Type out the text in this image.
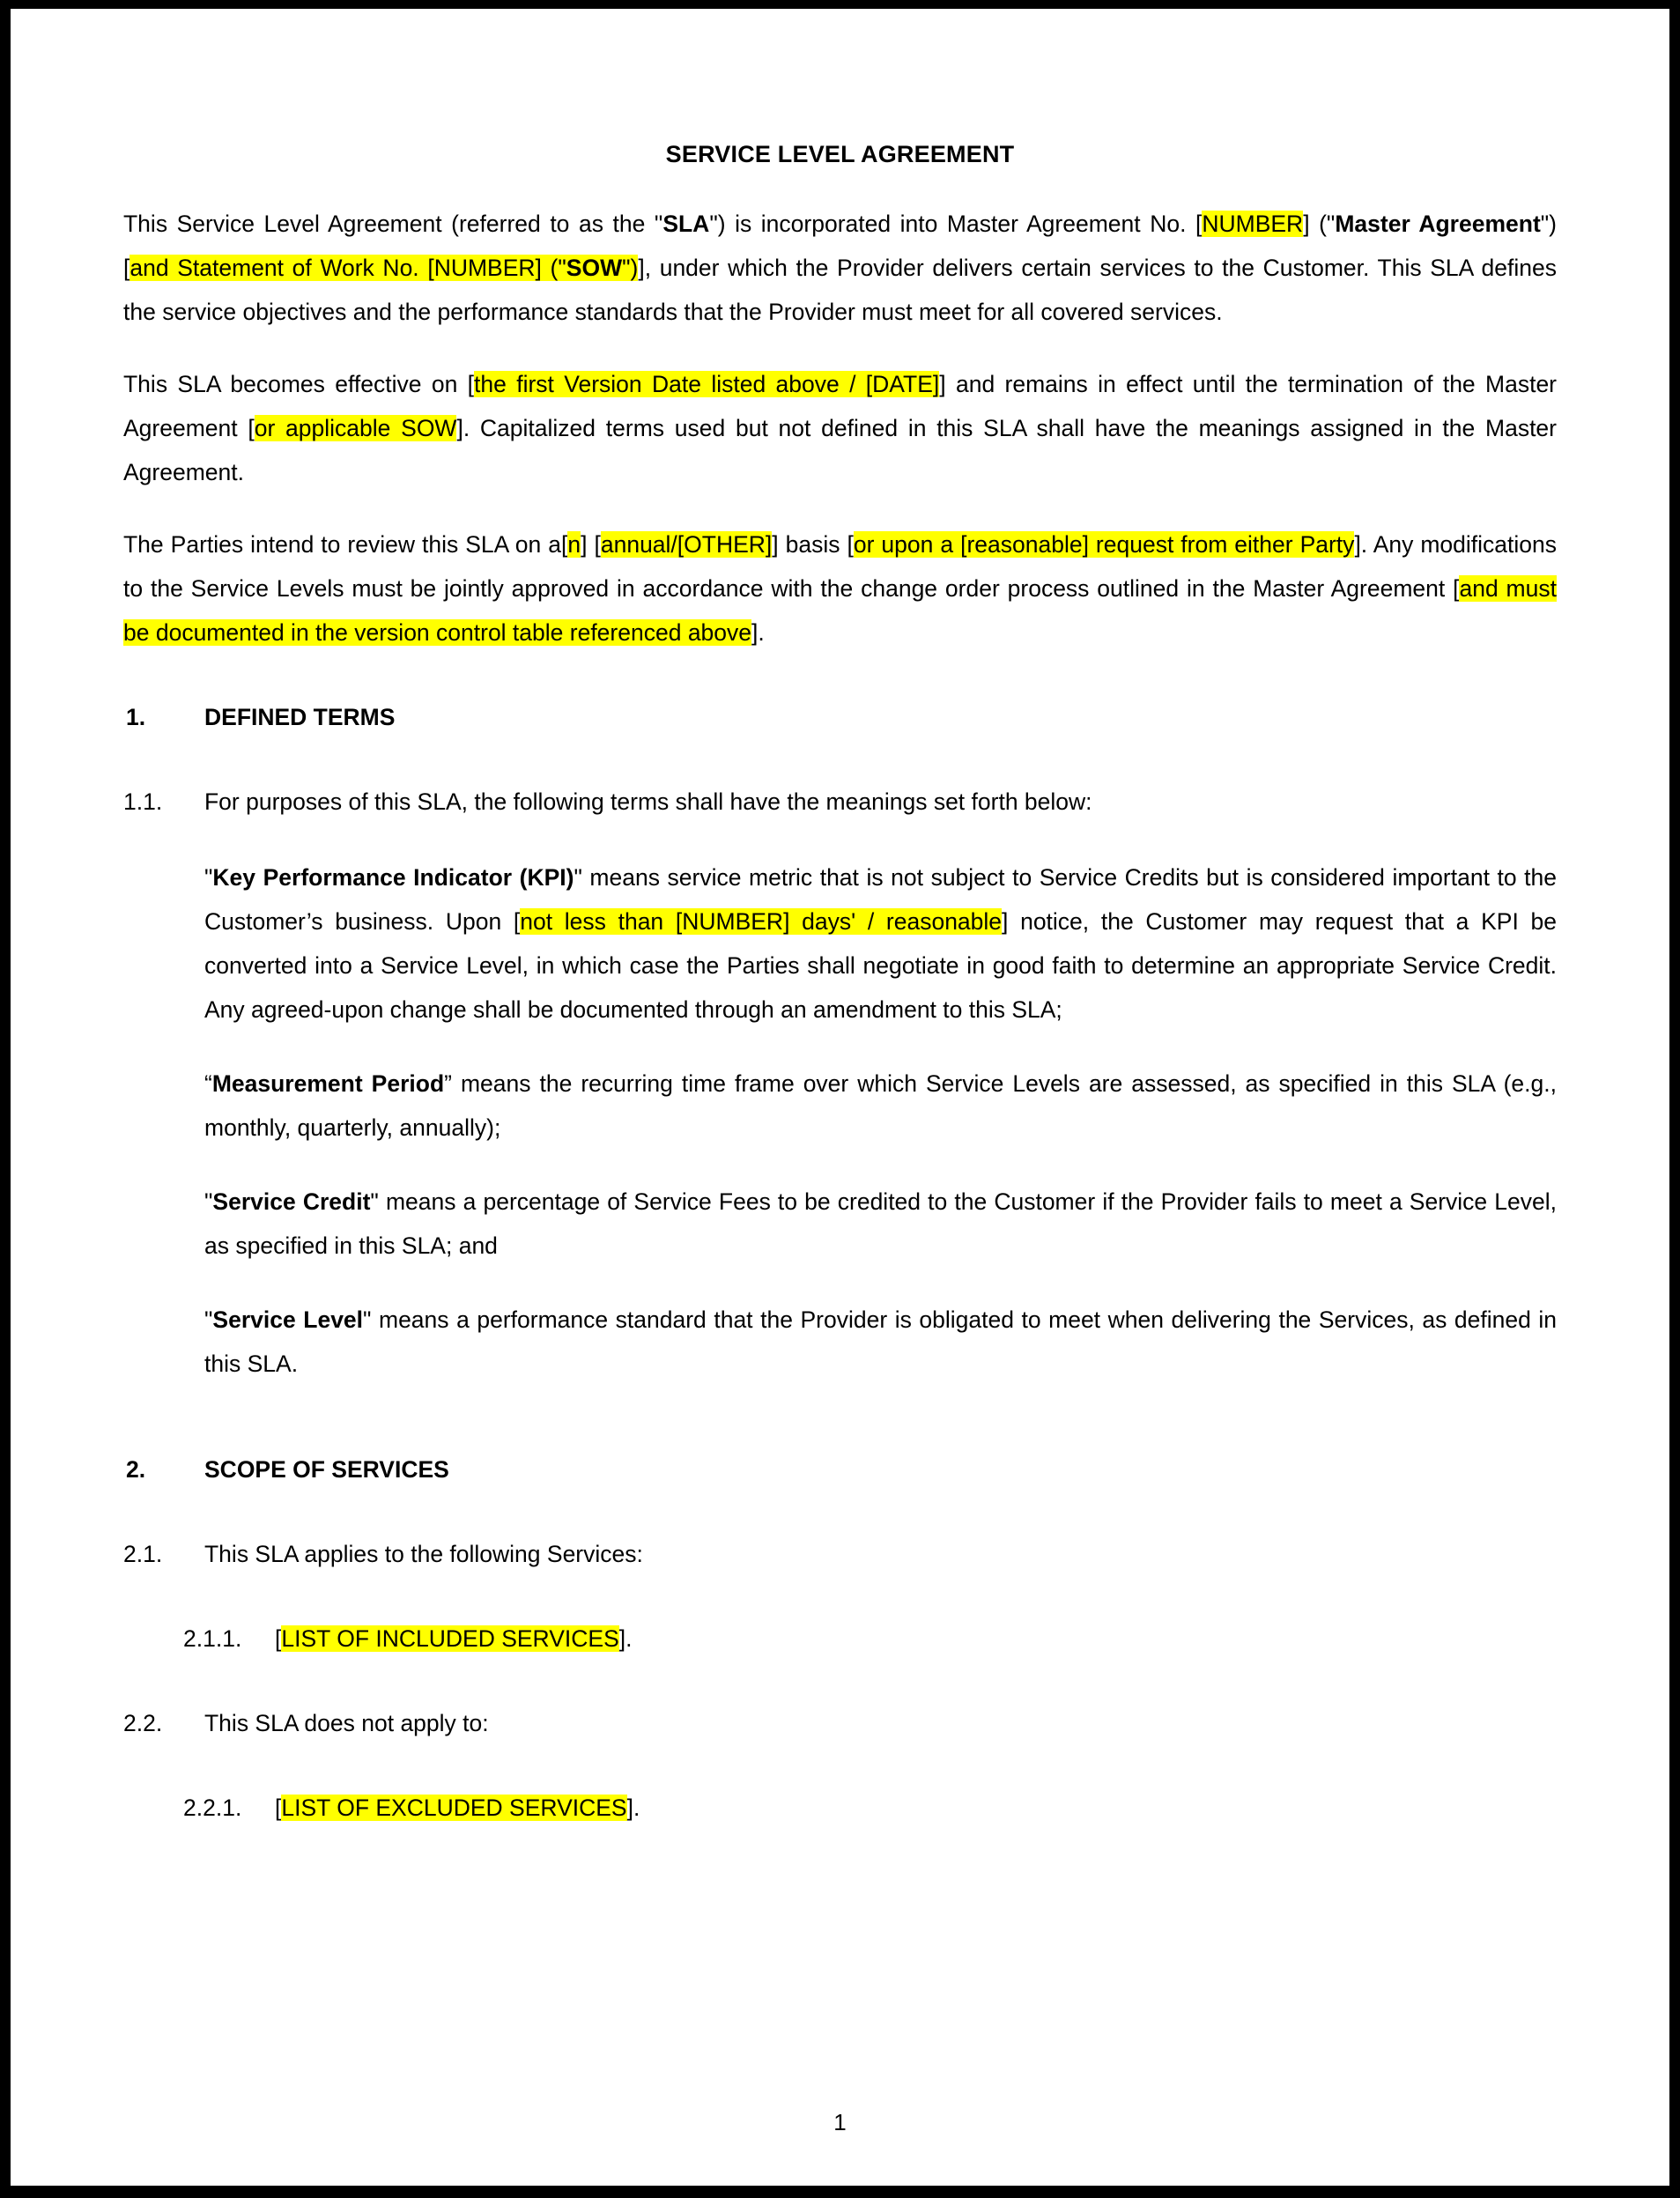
SERVICE LEVEL AGREEMENT

This Service Level Agreement (referred to as the "SLA") is incorporated into Master Agreement No. [NUMBER] ("Master Agreement") [and Statement of Work No. [NUMBER] ("SOW")], under which the Provider delivers certain services to the Customer. This SLA defines the service objectives and the performance standards that the Provider must meet for all covered services.

This SLA becomes effective on [the first Version Date listed above / [DATE]] and remains in effect until the termination of the Master Agreement [or applicable SOW]. Capitalized terms used but not defined in this SLA shall have the meanings assigned in the Master Agreement.

The Parties intend to review this SLA on a[n] [annual/[OTHER]] basis [or upon a [reasonable] request from either Party]. Any modifications to the Service Levels must be jointly approved in accordance with the change order process outlined in the Master Agreement [and must be documented in the version control table referenced above].

1.	DEFINED TERMS
1.1.	For purposes of this SLA, the following terms shall have the meanings set forth below:

"Key Performance Indicator (KPI)" means service metric that is not subject to Service Credits but is considered important to the Customer’s business. Upon [not less than [NUMBER] days' / reasonable] notice, the Customer may request that a KPI be converted into a Service Level, in which case the Parties shall negotiate in good faith to determine an appropriate Service Credit. Any agreed-upon change shall be documented through an amendment to this SLA;

“Measurement Period” means the recurring time frame over which Service Levels are assessed, as specified in this SLA (e.g., monthly, quarterly, annually);

"Service Credit" means a percentage of Service Fees to be credited to the Customer if the Provider fails to meet a Service Level, as specified in this SLA; and

"Service Level" means a performance standard that the Provider is obligated to meet when delivering the Services, as defined in this SLA.

2.	SCOPE OF SERVICES
2.1.	This SLA applies to the following Services:
2.1.1.	[LIST OF INCLUDED SERVICES].
2.2.	This SLA does not apply to:
2.2.1.	[LIST OF EXCLUDED SERVICES].
1
